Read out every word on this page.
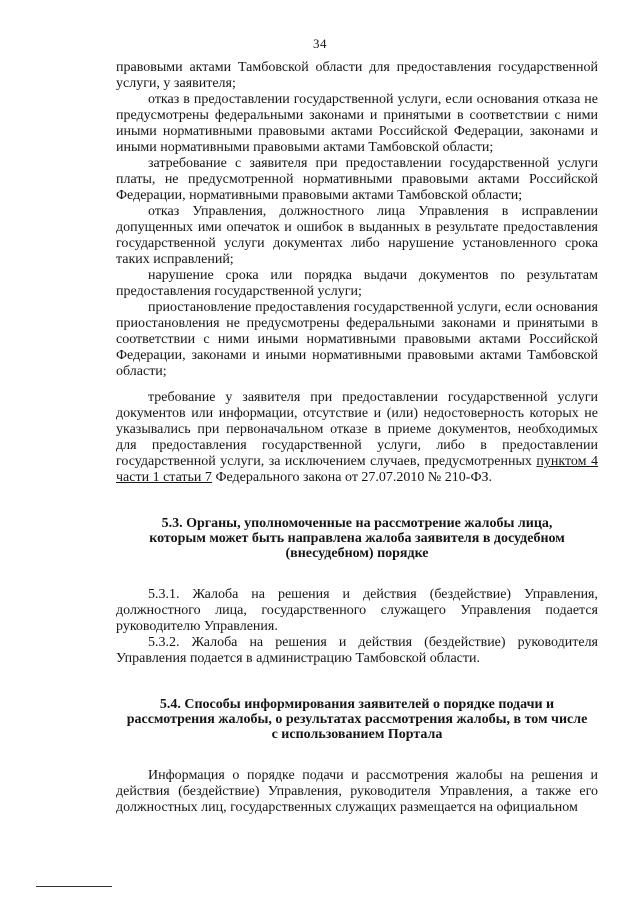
34

правовыми актами Тамбовской области для предоставления государственной услуги, у заявителя;

отказ в предоставлении государственной услуги, если основания отказа не предусмотрены федеральными законами и принятыми в соответствии с ними иными нормативными правовыми актами Российской Федерации, законами и иными нормативными правовыми актами Тамбовской области;

затребование с заявителя при предоставлении государственной услуги платы, не предусмотренной нормативными правовыми актами Российской Федерации, нормативными правовыми актами Тамбовской области;

отказ Управления, должностного лица Управления в исправлении допущенных ими опечаток и ошибок в выданных в результате предоставления государственной услуги документах либо нарушение установленного срока таких исправлений;

нарушение срока или порядка выдачи документов по результатам предоставления государственной услуги;

приостановление предоставления государственной услуги, если основания приостановления не предусмотрены федеральными законами и принятыми в соответствии с ними иными нормативными правовыми актами Российской Федерации, законами и иными нормативными правовыми актами Тамбовской области;

требование у заявителя при предоставлении государственной услуги документов или информации, отсутствие и (или) недостоверность которых не указывались при первоначальном отказе в приеме документов, необходимых для предоставления государственной услуги, либо в предоставлении государственной услуги, за исключением случаев, предусмотренных пунктом 4 части 1 статьи 7 Федерального закона от 27.07.2010 № 210-ФЗ.

5.3. Органы, уполномоченные на рассмотрение жалобы лица,
которым может быть направлена жалоба заявителя в досудебном
(внесудебном) порядке

5.3.1. Жалоба на решения и действия (бездействие) Управления, должностного лица, государственного служащего Управления подается руководителю Управления.

5.3.2. Жалоба на решения и действия (бездействие) руководителя Управления подается в администрацию Тамбовской области.

5.4. Способы информирования заявителей о порядке подачи и
рассмотрения жалобы, о результатах рассмотрения жалобы, в том числе
с использованием Портала

Информация о порядке подачи и рассмотрения жалобы на решения и действия (бездействие) Управления, руководителя Управления, а также его должностных лиц, государственных служащих размещается на официальном
